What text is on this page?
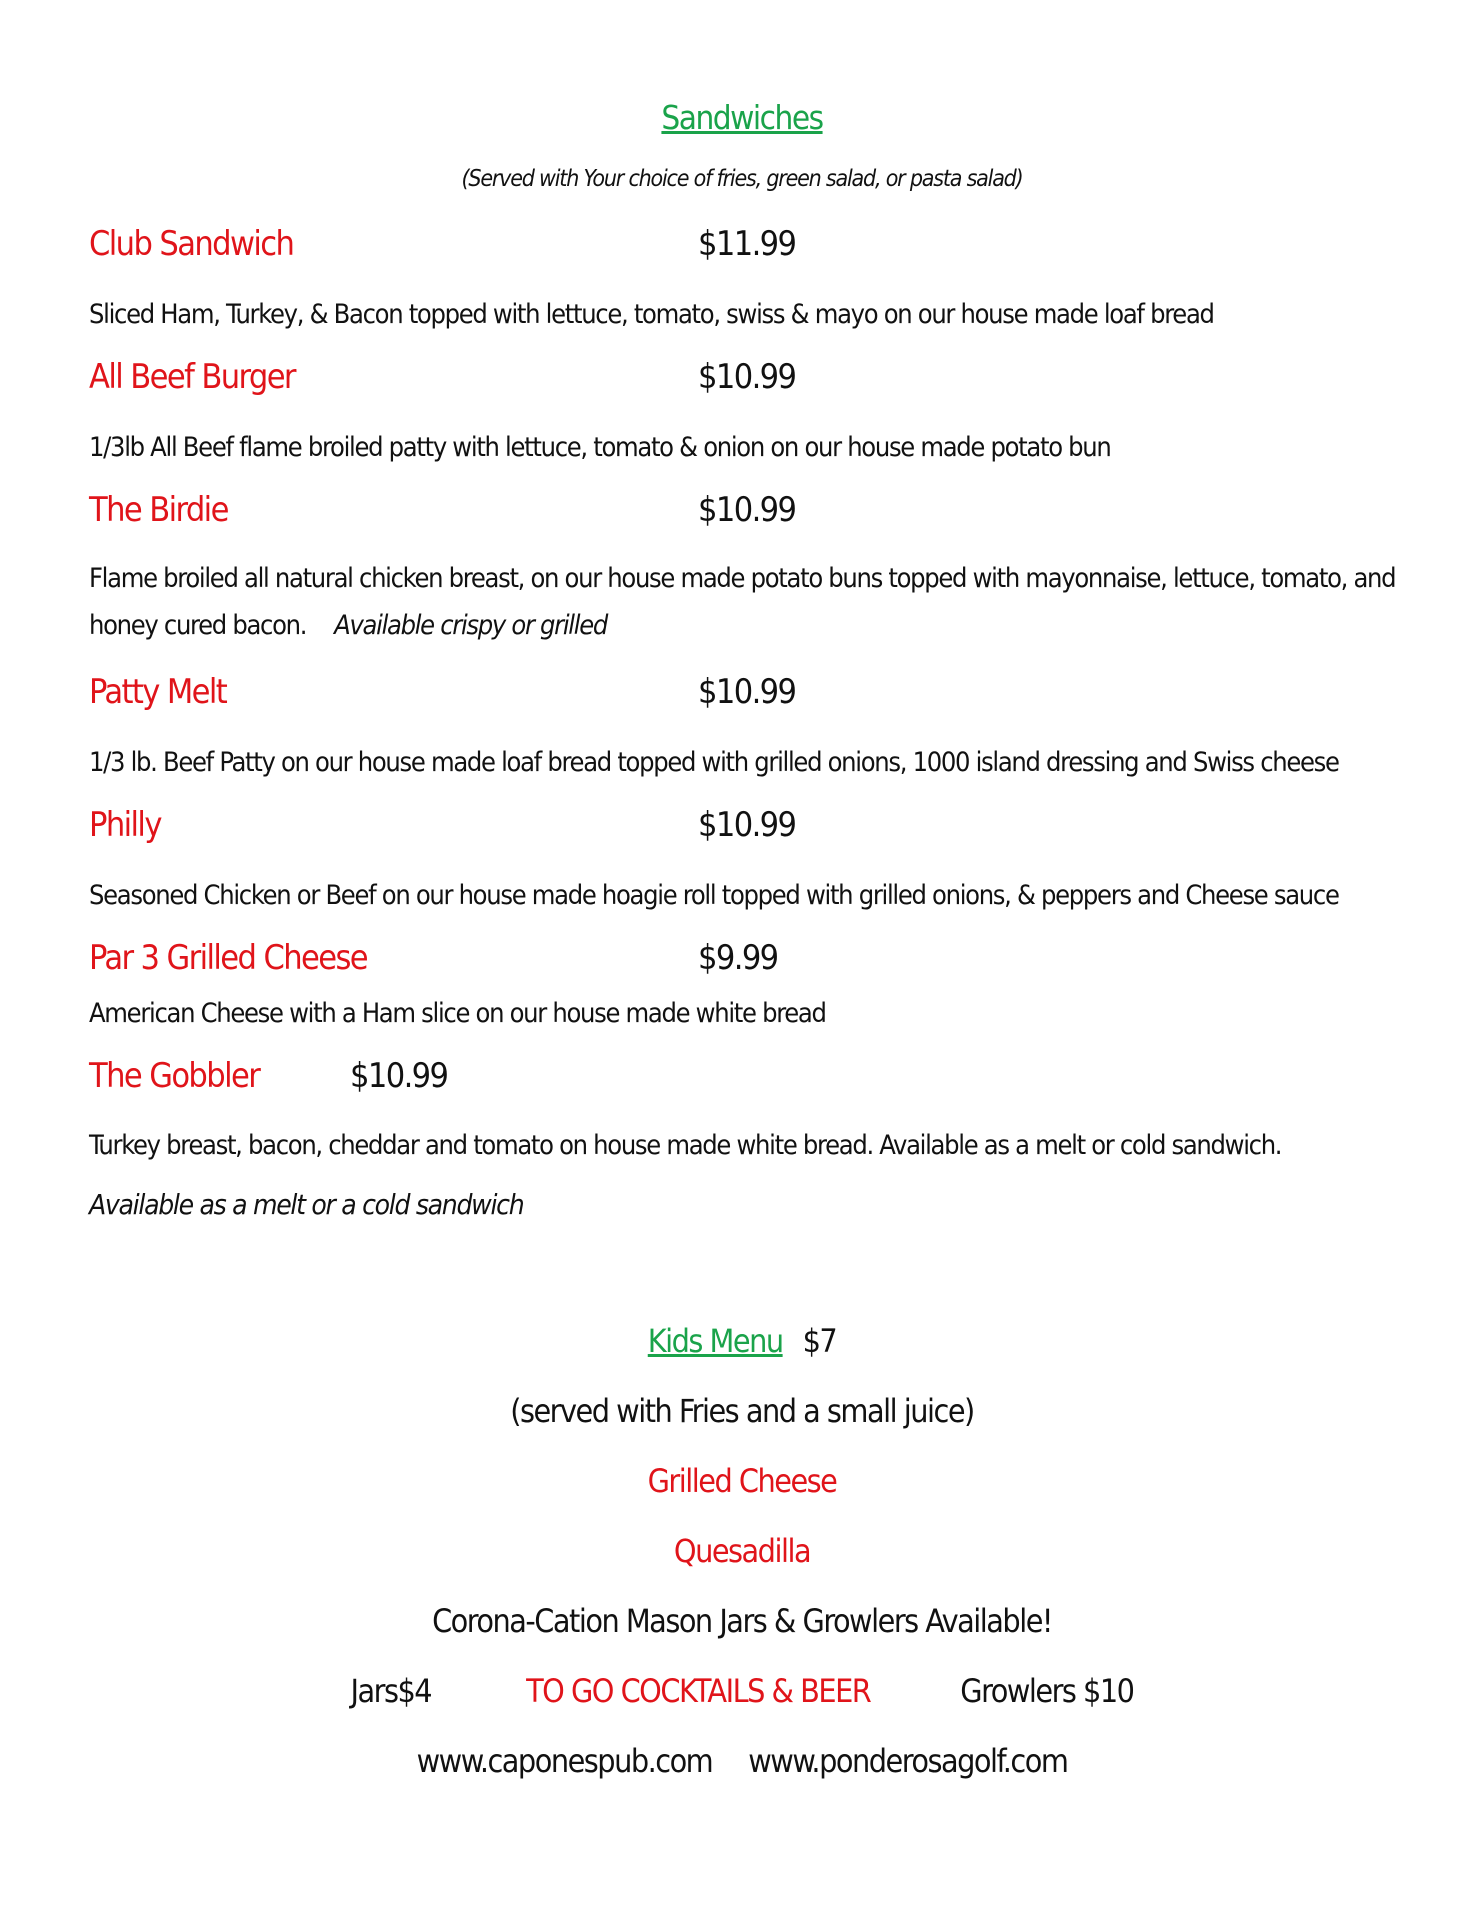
Sandwiches
(Served with Your choice of fries, green salad, or pasta salad)
Club Sandwich	$11.99
Sliced Ham, Turkey, & Bacon topped with lettuce, tomato, swiss & mayo on our house made loaf bread
All Beef Burger	$10.99
1/3lb All Beef flame broiled patty with lettuce, tomato & onion on our house made potato bun
The Birdie	$10.99
Flame broiled all natural chicken breast, on our house made potato buns topped with mayonnaise, lettuce, tomato, and honey cured bacon. Available crispy or grilled
Patty Melt	$10.99
1/3 lb. Beef Patty on our house made loaf bread topped with grilled onions, 1000 island dressing and Swiss cheese
Philly	$10.99
Seasoned Chicken or Beef on our house made hoagie roll topped with grilled onions, & peppers and Cheese sauce
Par 3 Grilled Cheese	$9.99
American Cheese with a Ham slice on our house made white bread
The Gobbler	$10.99
Turkey breast, bacon, cheddar and tomato on house made white bread. Available as a melt or cold sandwich.
Available as a melt or a cold sandwich
Kids Menu $7
(served with Fries and a small juice)
Grilled Cheese
Quesadilla
Corona-Cation Mason Jars & Growlers Available!
Jars$4	TO GO COCKTAILS & BEER	Growlers $10
www.caponespub.com www.ponderosagolf.com
